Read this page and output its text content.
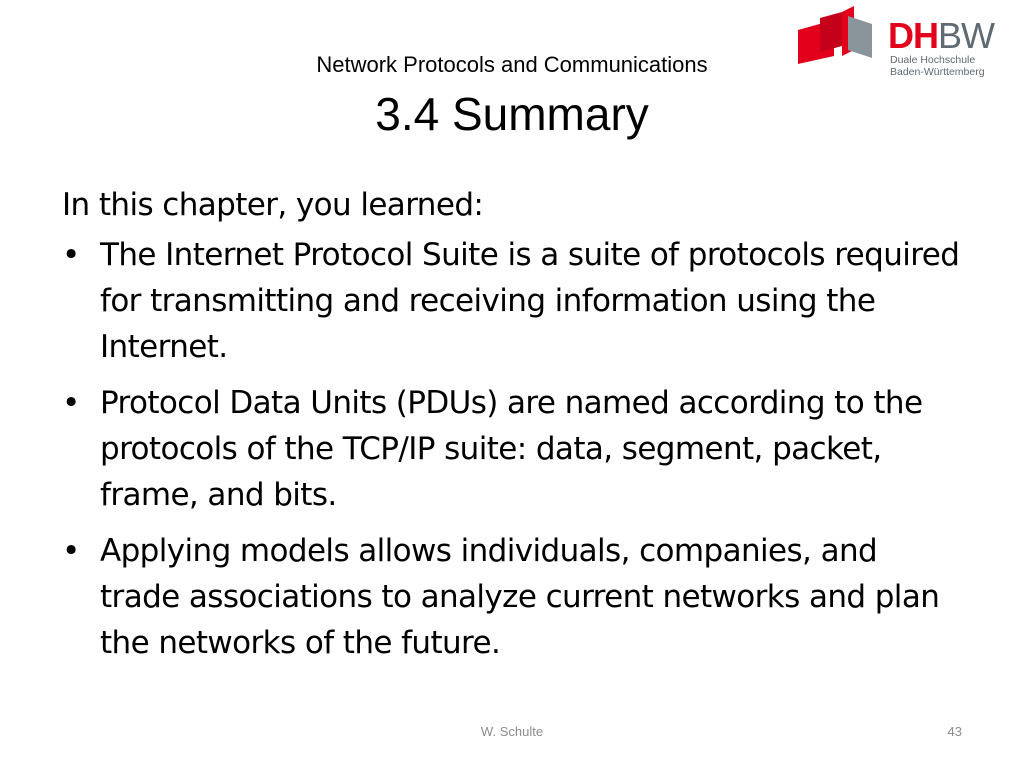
DHBW
Duale Hochschule
Baden-Württemberg
Network Protocols and Communications
3.4 Summary

In this chapter, you learned:

• The Internet Protocol Suite is a suite of protocols required for transmitting and receiving information using the Internet.
• Protocol Data Units (PDUs) are named according to the protocols of the TCP/IP suite: data, segment, packet, frame, and bits.
• Applying models allows individuals, companies, and trade associations to analyze current networks and plan the networks of the future.
W. Schulte	43
